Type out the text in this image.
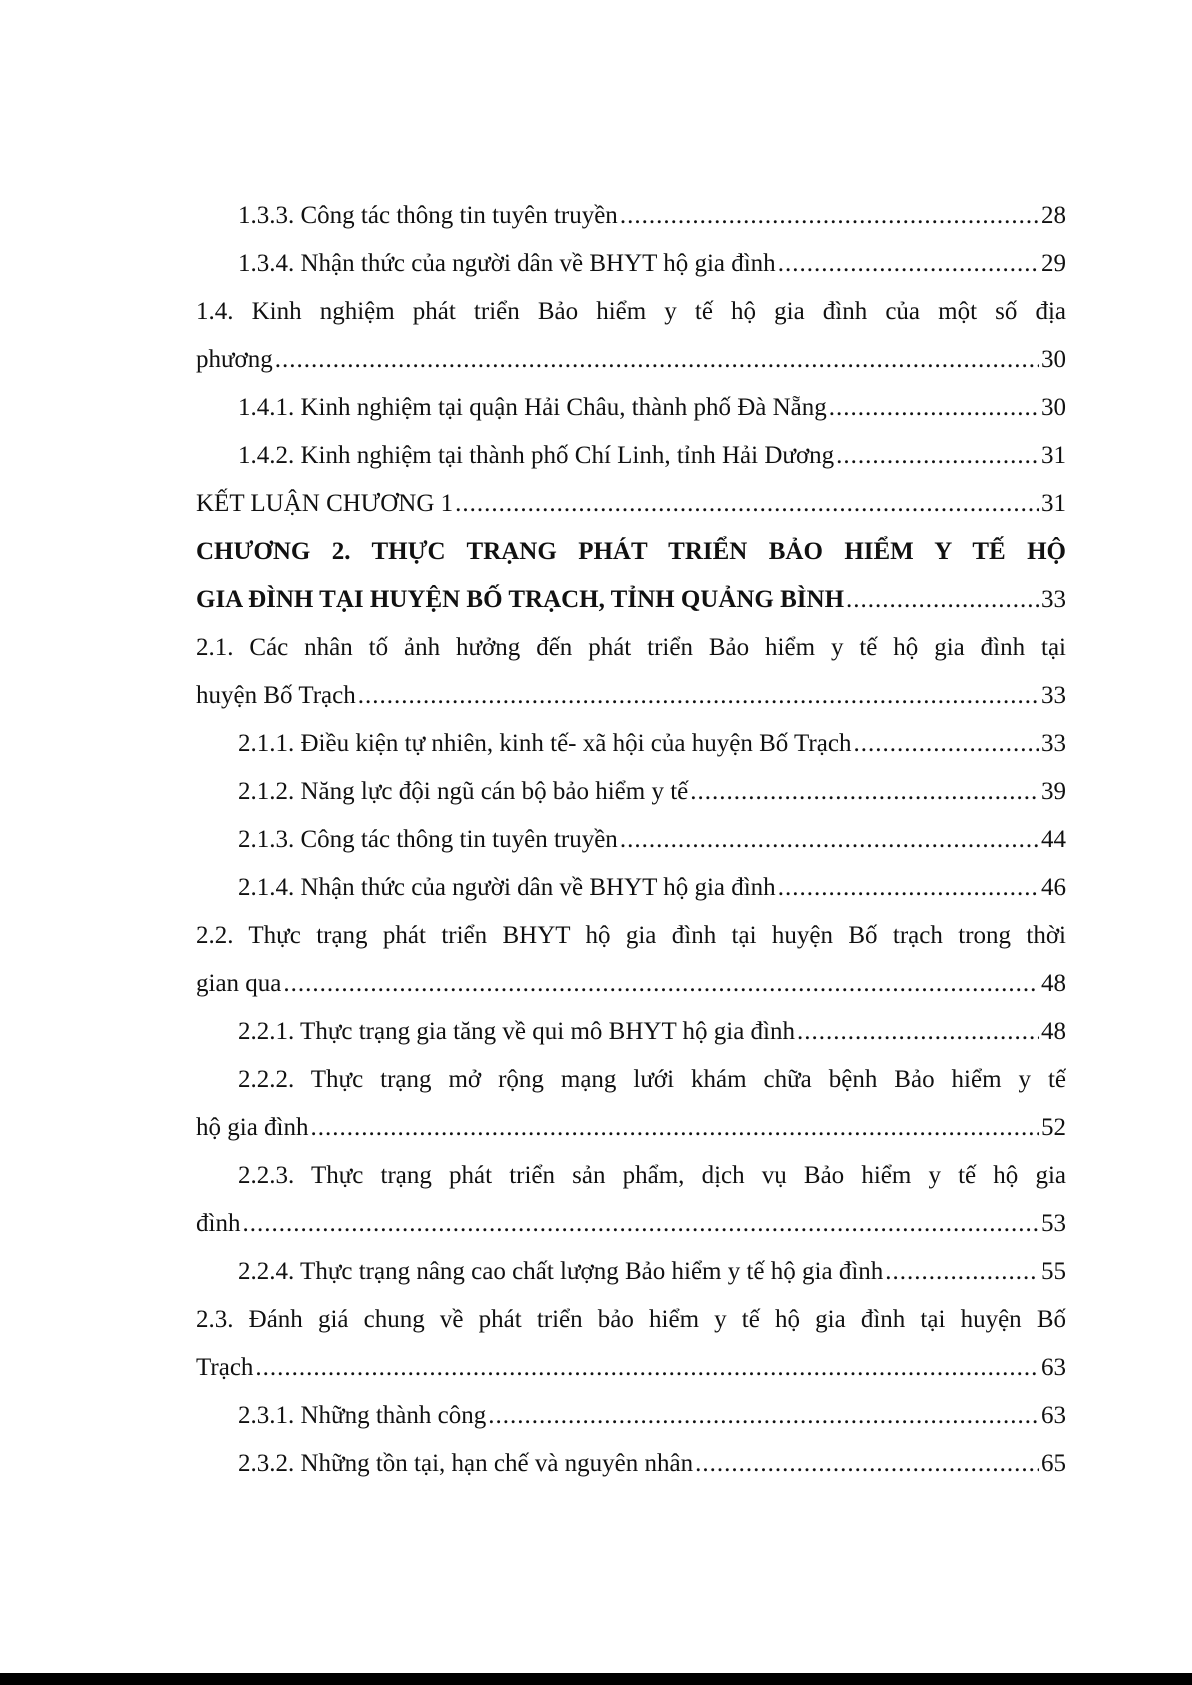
1.3.3. Công tác thông tin tuyên truyền .....	28
1.3.4. Nhận thức của người dân về BHYT hộ gia đình .....	29
1.4. Kinh nghiệm phát triển Bảo hiểm y tế hộ gia đình của một số địa
phương .....	30
1.4.1. Kinh nghiệm tại quận Hải Châu, thành phố Đà Nẵng .....	30
1.4.2. Kinh nghiệm tại thành phố Chí Linh, tỉnh Hải Dương .....	31
KẾT LUẬN CHƯƠNG 1 .....	31
CHƯƠNG 2. THỰC TRẠNG PHÁT TRIỂN BẢO HIỂM Y TẾ HỘ
GIA ĐÌNH TẠI HUYỆN BỐ TRẠCH, TỈNH QUẢNG BÌNH .....	33
2.1. Các nhân tố ảnh hưởng đến phát triển Bảo hiểm y tế hộ gia đình tại
huyện Bố Trạch .....	33
2.1.1. Điều kiện tự nhiên, kinh tế- xã hội của huyện Bố Trạch .....	33
2.1.2. Năng lực đội ngũ cán bộ bảo hiểm y tế .....	39
2.1.3. Công tác thông tin tuyên truyền .....	44
2.1.4. Nhận thức của người dân về BHYT hộ gia đình .....	46
2.2. Thực trạng phát triển BHYT hộ gia đình tại huyện Bố trạch trong thời
gian qua .....	48
2.2.1. Thực trạng gia tăng về qui mô BHYT hộ gia đình .....	48
2.2.2. Thực trạng mở rộng mạng lưới khám chữa bệnh Bảo hiểm y tế
hộ gia đình .....	52
2.2.3. Thực trạng phát triển sản phẩm, dịch vụ Bảo hiểm y tế hộ gia
đình .....	53
2.2.4. Thực trạng nâng cao chất lượng Bảo hiểm y tế hộ gia đình .....	55
2.3. Đánh giá chung về phát triển bảo hiểm y tế hộ gia đình tại huyện Bố
Trạch .....	63
2.3.1. Những thành công .....	63
2.3.2. Những tồn tại, hạn chế và nguyên nhân .....	65
